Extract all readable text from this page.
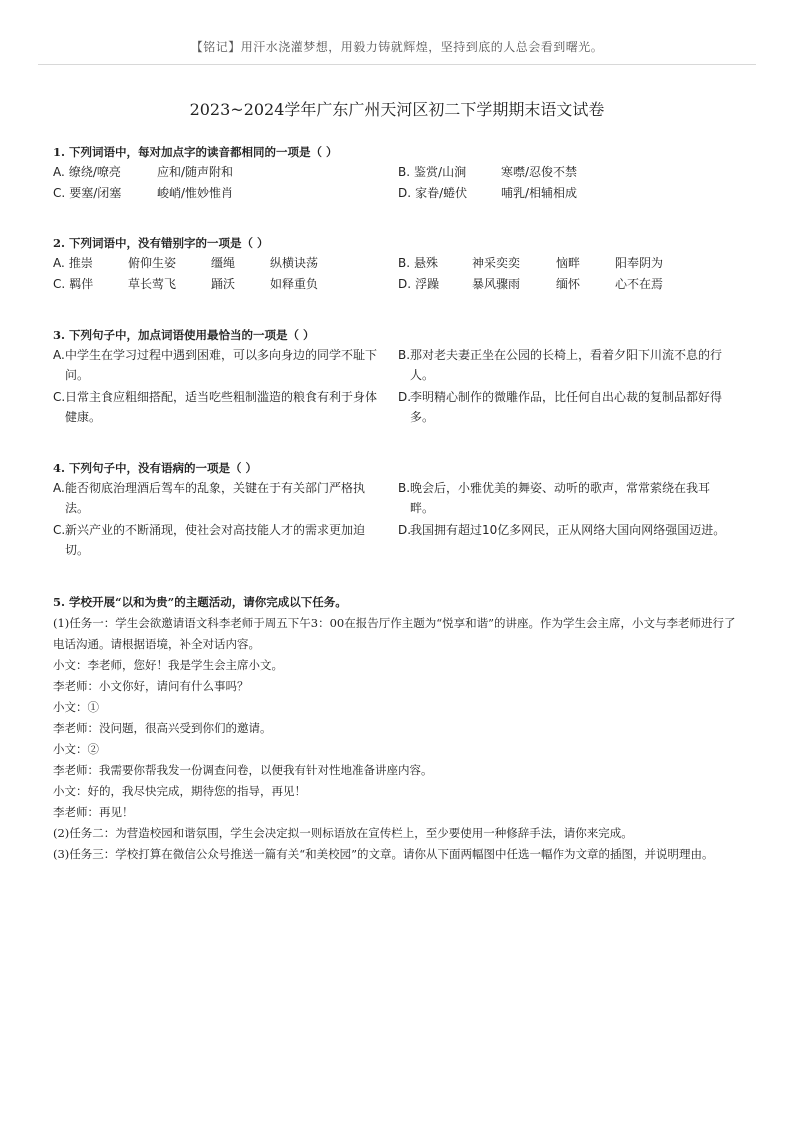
【铭记】用汗水浇灌梦想，用毅力铸就辉煌，坚持到底的人总会看到曙光。
2023~2024学年广东广州天河区初二下学期期末语文试卷
1. 下列词语中，每对加点字的读音都相同的一项是（ ）
A. 缭绕/嘹亮	应和/随声附和	B. 鉴赏/山涧	寒噤/忍俊不禁
C. 要塞/闭塞	峻峭/惟妙惟肖	D. 家眷/蜷伏	哺乳/相辅相成
2. 下列词语中，没有错别字的一项是（ ）
A. 推崇	俯仰生姿	缰绳	纵横诀荡	B. 悬殊	神采奕奕	恼畔	阳奉阴为
C. 羁伴	草长莺飞	踊沃	如释重负	D. 浮躁	暴风骤雨	缅怀	心不在焉
3. 下列句子中，加点词语使用最恰当的一项是（ ）
A. 中学生在学习过程中遇到困难，可以多向身边的同学不耻下问。
B. 那对老夫妻正坐在公园的长椅上，看着夕阳下川流不息的行人。
C. 日常主食应粗细搭配，适当吃些粗制滥造的粮食有利于身体健康。
D.
李明精心制作的微雕作品，比任何自出心裁的复制品都好得多。
4. 下列句子中，没有语病的一项是（ ）
A. 能否彻底治理酒后驾车的乱象，关键在于有关部门严格执法。
B. 晚会后，小雅优美的舞姿、动听的歌声，常常萦绕在我耳畔。
C. 新兴产业的不断涌现，使社会对高技能人才的需求更加迫切。
D.
我国拥有超过10亿多网民，正从网络大国向网络强国迈进。
5. 学校开展“以和为贵”的主题活动，请你完成以下任务。
(1)任务一：学生会欲邀请语文科李老师于周五下午3：00在报告厅作主题为“悦享和谐”的讲座。作为学生会主席，小文与李老师进行了电话沟通。请根据语境，补全对话内容。
小文：李老师，您好！我是学生会主席小文。
李老师：小文你好，请问有什么事吗？
小文：①
李老师：没问题，很高兴受到你们的邀请。
小文：②
李老师：我需要你帮我发一份调查问卷，以便我有针对性地准备讲座内容。
小文：好的，我尽快完成，期待您的指导，再见！
李老师：再见！
(2)任务二：为营造校园和谐氛围，学生会决定拟一则标语放在宣传栏上，至少要使用一种修辞手法，请你来完成。
(3)任务三：学校打算在微信公众号推送一篇有关“和美校园”的文章。请你从下面两幅图中任选一幅作为文章的插图，并说明理由。
